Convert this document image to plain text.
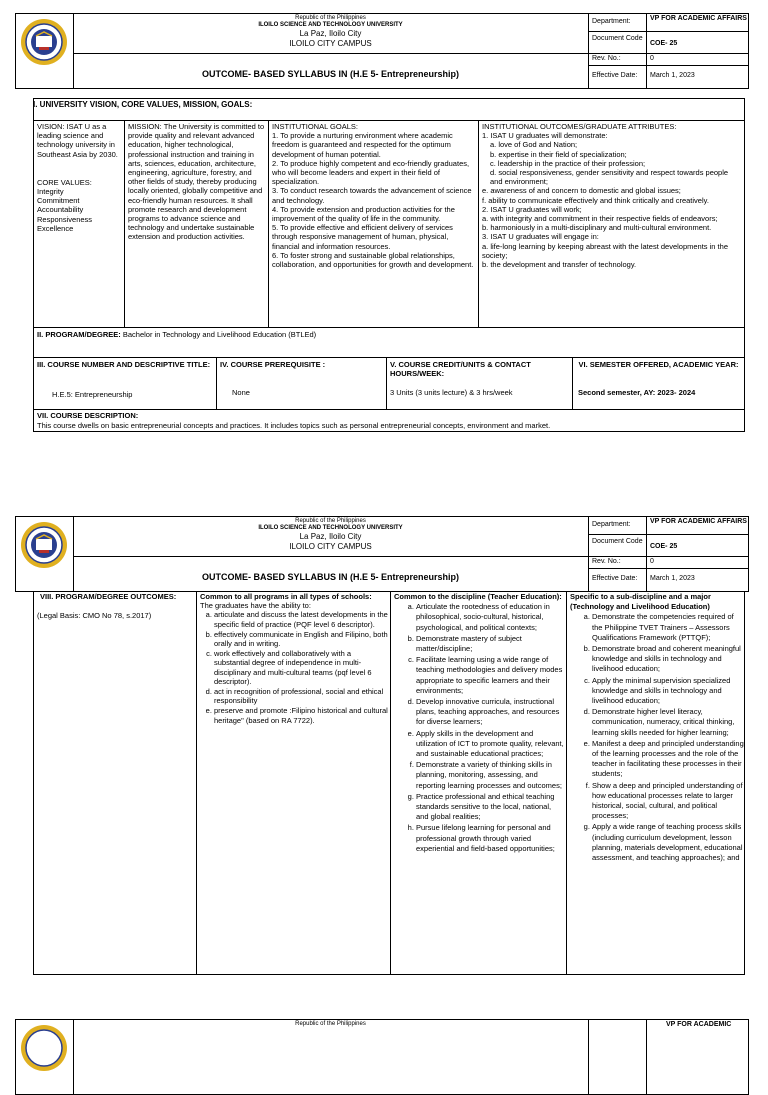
Republic of the Philippines
ILOILO SCIENCE AND TECHNOLOGY UNIVERSITY
La Paz, Iloilo City
ILOILO CITY CAMPUS
OUTCOME- BASED SYLLABUS IN (H.E 5- Entrepreneurship)
Department:	VP FOR ACADEMIC AFFAIRS
Document Code
COE- 25
Rev. No.:	0
Effective Date: March 1, 2023
I. UNIVERSITY VISION, CORE VALUES, MISSION, GOALS:
VISION: ISAT U as a leading science and technology university in Southeast Asia by 2030.
CORE VALUES:
Integrity
Commitment
Accountability
Responsiveness
Excellence
MISSION: The University is committed to provide quality and relevant advanced education, higher technological, professional instruction and training in arts, sciences, education, architecture, engineering, agriculture, forestry, and other fields of study, thereby producing locally oriented, globally competitive and eco-friendly human resources. It shall promote research and development programs to advance science and technology and undertake sustainable extension and production activities.
INSTITUTIONAL GOALS:
1. To provide a nurturing environment where academic freedom is guaranteed and respected for the optimum development of human potential.
2. To produce highly competent and eco-friendly graduates, who will become leaders and expert in their field of specialization.
3. To conduct research towards the advancement of science and technology.
4. To provide extension and production activities for the improvement of the quality of life in the community.
5. To provide effective and efficient delivery of services through responsive management of human, physical, financial and information resources.
6. To foster strong and sustainable global relationships, collaboration, and opportunities for growth and development.
INSTITUTIONAL OUTCOMES/GRADUATE ATTRIBUTES:
1. ISAT U graduates will demonstrate:
a. love of God and Nation;
b. expertise in their field of specialization;
c. leadership in the practice of their profession;
d. social responsiveness, gender sensitivity and respect towards people and environment;
e. awareness of and concern to domestic and global issues;
f. ability to communicate effectively and think critically and creatively.
2. ISAT U graduates will work;
a. with integrity and commitment in their respective fields of endeavors;
b. harmoniously in a multi-disciplinary and multi-cultural environment.
3. ISAT U graduates will engage in:
a. life-long learning by keeping abreast with the latest developments in the society;
b. the development and transfer of technology.
II. PROGRAM/DEGREE: Bachelor in Technology and Livelihood Education (BTLEd)
III. COURSE NUMBER AND DESCRIPTIVE TITLE:
H.E.5: Entrepreneurship
IV. COURSE PREREQUISITE :
None
V. COURSE CREDIT/UNITS & CONTACT HOURS/WEEK:
3 Units (3 units lecture) & 3 hrs/week
VI. SEMESTER OFFERED, ACADEMIC YEAR:
Second semester, AY: 2023- 2024
VII. COURSE DESCRIPTION:
This course dwells on basic entrepreneurial concepts and practices. It includes topics such as personal entrepreneurial concepts, environment and market.
Republic of the Philippines
ILOILO SCIENCE AND TECHNOLOGY UNIVERSITY
La Paz, Iloilo City
ILOILO CITY CAMPUS
OUTCOME- BASED SYLLABUS IN (H.E 5- Entrepreneurship)
Department:	VP FOR ACADEMIC AFFAIRS
Document Code
COE- 25
Rev. No.:	0
Effective Date: March 1, 2023
VIII. PROGRAM/DEGREE OUTCOMES:
(Legal Basis: CMO No 78, s.2017)
Common to all programs in all types of schools:
The graduates have the ability to:
a. articulate and discuss the latest developments in the specific field of practice (PQF level 6 descriptor).
b. effectively communicate in English and Filipino, both orally and in writing.
c. work effectively and collaboratively with a substantial degree of independence in multi-disciplinary and multi-cultural teams (pqf level 6 descriptor).
d. act in recognition of professional, social and ethical responsibility
e. preserve and promote :Filipino historical and cultural heritage" (based on RA 7722).
Common to the discipline (Teacher Education):
a. Articulate the rootedness of education in philosophical, socio-cultural, historical, psychological, and political contexts;
b. Demonstrate mastery of subject matter/discipline;
c. Facilitate learning using a wide range of teaching methodologies and delivery modes appropriate to specific learners and their environments;
d. Develop innovative curricula, instructional plans, teaching approaches, and resources for diverse learners;
e. Apply skills in the development and utilization of ICT to promote quality, relevant, and sustainable educational practices;
f. Demonstrate a variety of thinking skills in planning, monitoring, assessing, and reporting learning processes and outcomes;
g. Practice professional and ethical teaching standards sensitive to the local, national, and global realities;
h. Pursue lifelong learning for personal and professional growth through varied experiential and field-based opportunities;
Specific to a sub-discipline and a major (Technology and Livelihood Education)
a. Demonstrate the competencies required of the Philippine TVET Trainers – Assessors Qualifications Framework (PTTQF);
b. Demonstrate broad and coherent meaningful knowledge and skills in technology and livelihood education;
c. Apply the minimal supervision specialized knowledge and skills in technology and livelihood education;
d. Demonstrate higher level literacy, communication, numeracy, critical thinking, learning skills needed for higher learning;
e. Manifest a deep and principled understanding of the learning processes and the role of the teacher in facilitating these processes in their students;
f. Show a deep and principled understanding of how educational processes relate to larger historical, social, cultural, and political processes;
g. Apply a wide range of teaching process skills (including curriculum development, lesson planning, materials development, educational assessment, and teaching approaches); and
Republic of the Philippines	VP FOR ACADEMIC
